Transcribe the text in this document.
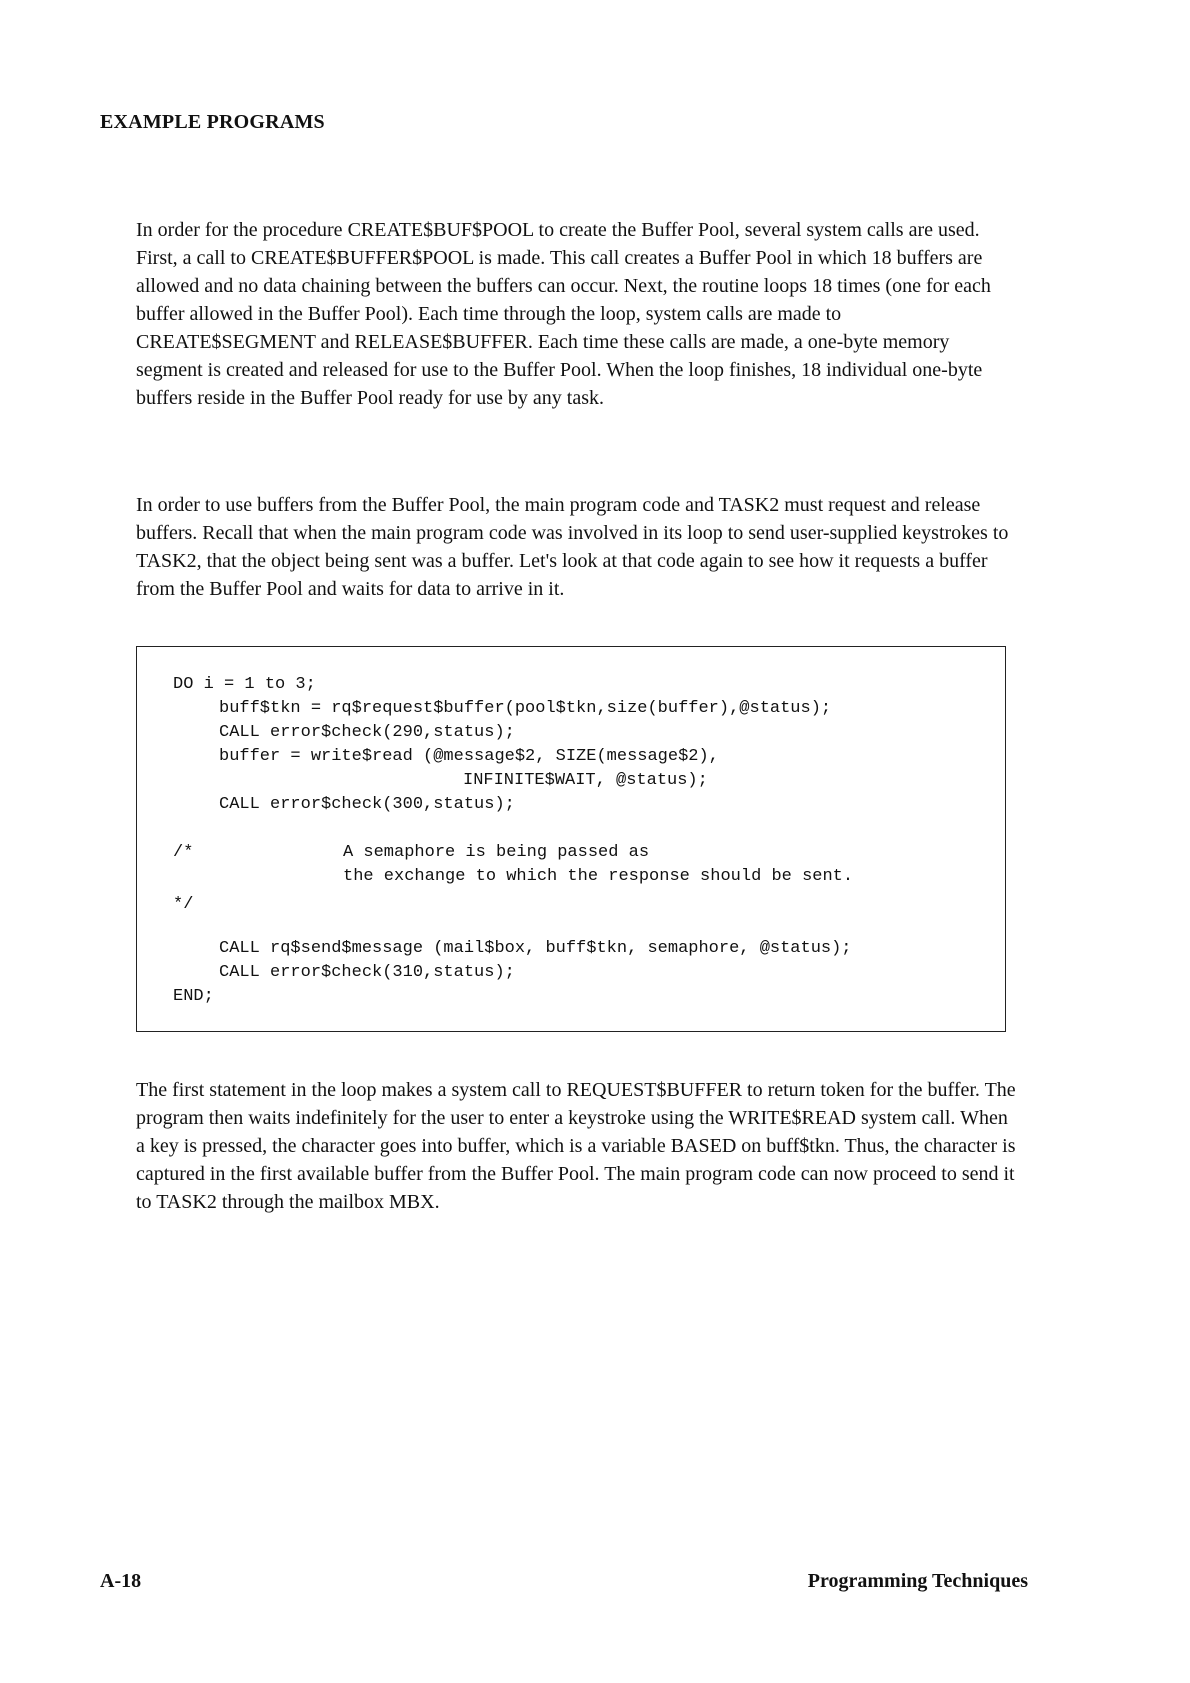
EXAMPLE PROGRAMS

In order for the procedure CREATE$BUF$POOL to create the Buffer Pool, several system calls are used. First, a call to CREATE$BUFFER$POOL is made. This call creates a Buffer Pool in which 18 buffers are allowed and no data chaining between the buffers can occur. Next, the routine loops 18 times (one for each buffer allowed in the Buffer Pool). Each time through the loop, system calls are made to CREATE$SEGMENT and RELEASE$BUFFER. Each time these calls are made, a one-byte memory segment is created and released for use to the Buffer Pool. When the loop finishes, 18 individual one-byte buffers reside in the Buffer Pool ready for use by any task.

In order to use buffers from the Buffer Pool, the main program code and TASK2 must request and release buffers. Recall that when the main program code was involved in its loop to send user-supplied keystrokes to TASK2, that the object being sent was a buffer. Let's look at that code again to see how it requests a buffer from the Buffer Pool and waits for data to arrive in it.

DO i = 1 to 3;
buff$tkn = rq$request$buffer(pool$tkn,size(buffer),@status);
CALL error$check(290,status);
buffer = write$read (@message$2, SIZE(message$2),
INFINITE$WAIT, @status);
CALL error$check(300,status);
/*	A semaphore is being passed as
the exchange to which the response should be sent.
*/
CALL rq$send$message (mail$box, buff$tkn, semaphore, @status);
CALL error$check(310,status);
END;

The first statement in the loop makes a system call to REQUEST$BUFFER to return token for the buffer. The program then waits indefinitely for the user to enter a keystroke using the WRITE$READ system call. When a key is pressed, the character goes into buffer, which is a variable BASED on buff$tkn. Thus, the character is captured in the first available buffer from the Buffer Pool. The main program code can now proceed to send it to TASK2 through the mailbox MBX.

A-18	Programming Techniques
